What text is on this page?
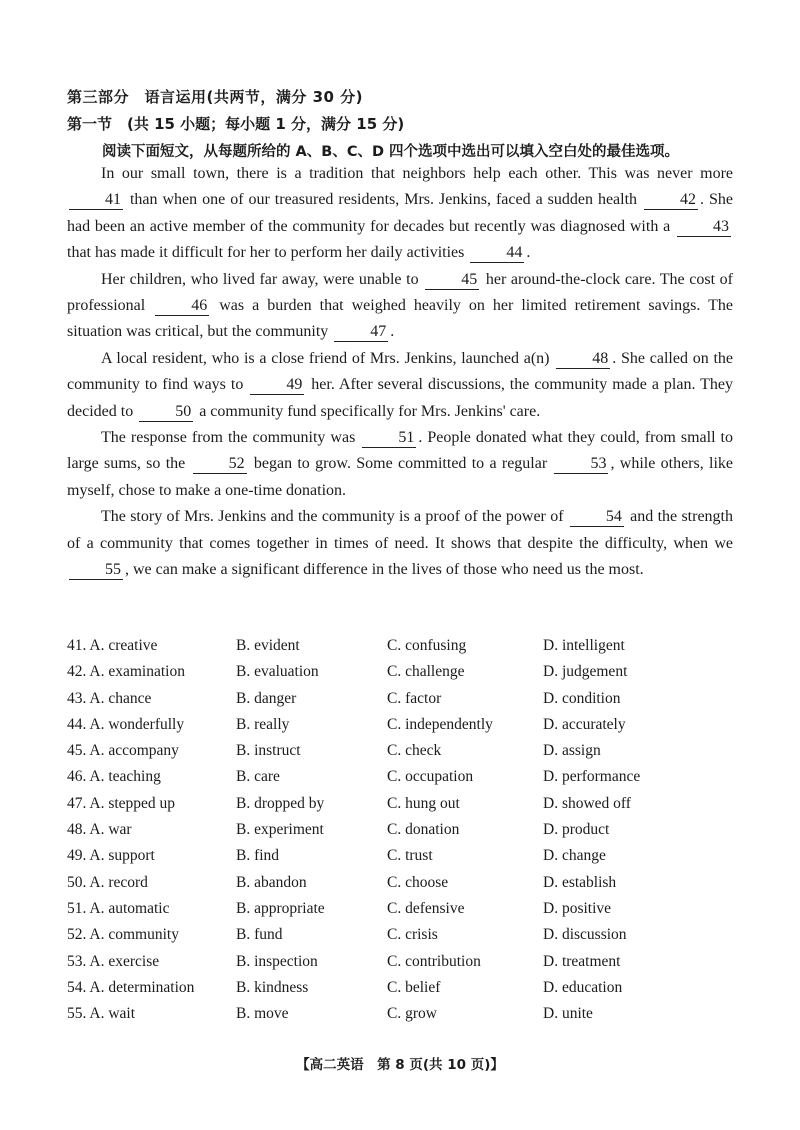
第三部分　语言运用(共两节，满分 30 分)
第一节　(共 15 小题；每小题 1 分，满分 15 分)
阅读下面短文，从每题所给的 A、B、C、D 四个选项中选出可以填入空白处的最佳选项。

In our small town, there is a tradition that neighbors help each other. This was never more 41 than when one of our treasured residents, Mrs. Jenkins, faced a sudden health 42 . She had been an active member of the community for decades but recently was diagnosed with a 43 that has made it difficult for her to perform her daily activities 44 .

Her children, who lived far away, were unable to 45 her around-the-clock care. The cost of professional 46 was a burden that weighed heavily on her limited retirement savings. The situation was critical, but the community 47 .

A local resident, who is a close friend of Mrs. Jenkins, launched a(n) 48 . She called on the community to find ways to 49 her. After several discussions, the community made a plan. They decided to 50 a community fund specifically for Mrs. Jenkins' care.

The response from the community was 51 . People donated what they could, from small to large sums, so the 52 began to grow. Some committed to a regular 53 , while others, like myself, chose to make a one-time donation.

The story of Mrs. Jenkins and the community is a proof of the power of 54 and the strength of a community that comes together in times of need. It shows that despite the difficulty, when we 55 , we can make a significant difference in the lives of those who need us the most.

41. A. creative	B. evident	C. confusing	D. intelligent
42. A. examination	B. evaluation	C. challenge	D. judgement
43. A. chance	B. danger	C. factor	D. condition
44. A. wonderfully	B. really	C. independently	D. accurately
45. A. accompany	B. instruct	C. check	D. assign
46. A. teaching	B. care	C. occupation	D. performance
47. A. stepped up	B. dropped by	C. hung out	D. showed off
48. A. war	B. experiment	C. donation	D. product
49. A. support	B. find	C. trust	D. change
50. A. record	B. abandon	C. choose	D. establish
51. A. automatic	B. appropriate	C. defensive	D. positive
52. A. community	B. fund	C. crisis	D. discussion
53. A. exercise	B. inspection	C. contribution	D. treatment
54. A. determination	B. kindness	C. belief	D. education
55. A. wait	B. move	C. grow	D. unite
【高二英语　第 8 页(共 10 页)】
